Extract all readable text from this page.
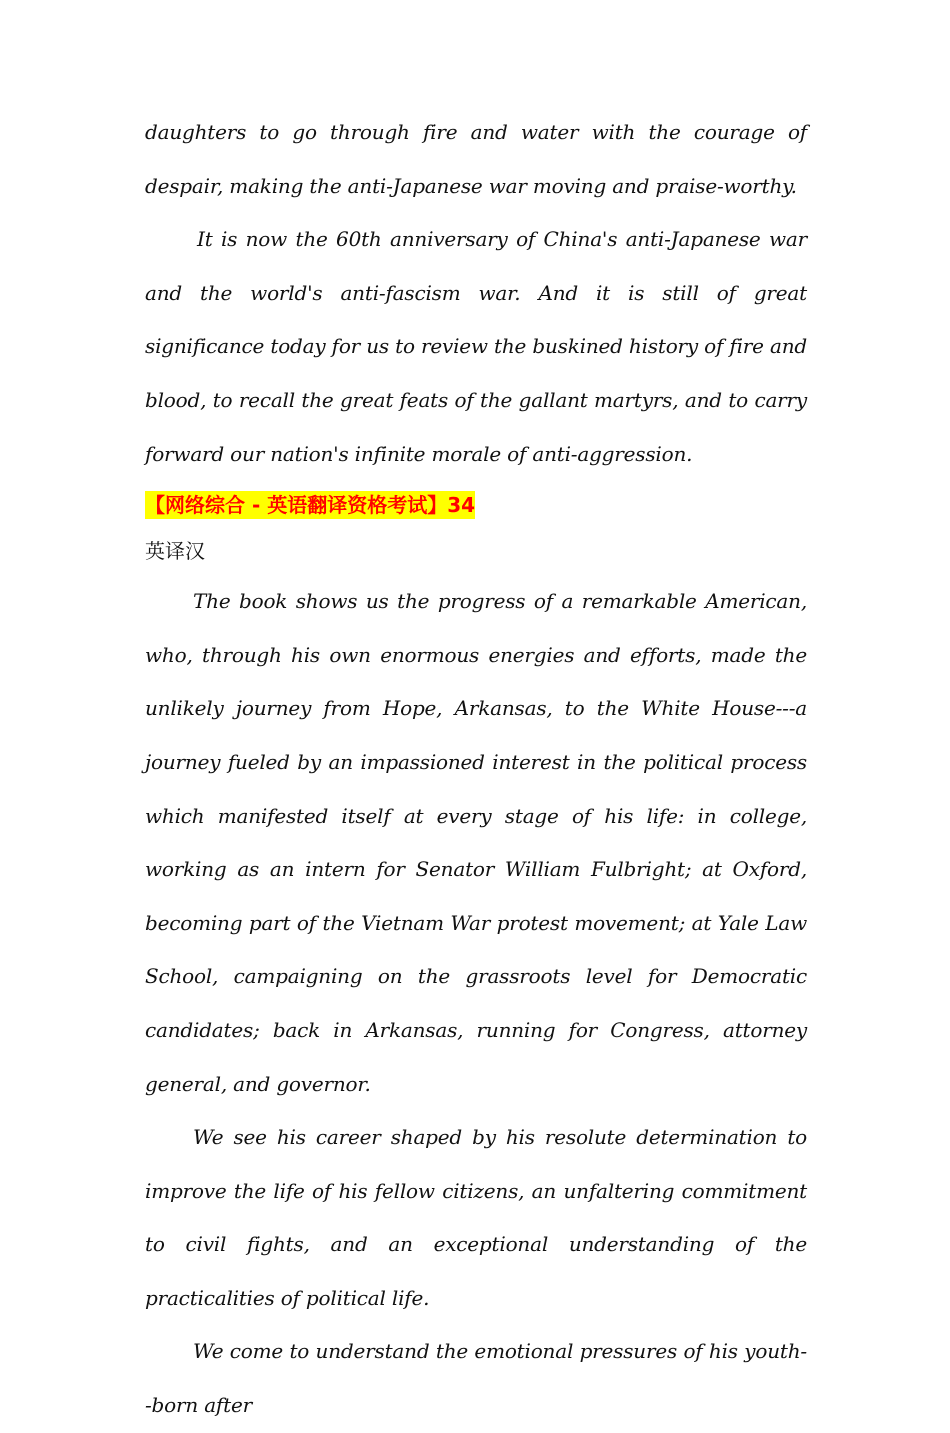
daughters to go through fire and water with the courage of despair, making the anti-Japanese war moving and praise-worthy.

It is now the 60th anniversary of China's anti-Japanese war and the world's anti-fascism war. And it is still of great significance today for us to review the buskined history of fire and blood, to recall the great feats of the gallant martyrs, and to carry forward our nation's infinite morale of anti-aggression.

【网络综合 - 英语翻译资格考试】34
英译汉

The book shows us the progress of a remarkable American, who, through his own enormous energies and efforts, made the unlikely journey from Hope, Arkansas, to the White House---a journey fueled by an impassioned interest in the political process which manifested itself at every stage of his life: in college, working as an intern for Senator William Fulbright; at Oxford, becoming part of the Vietnam War protest movement; at Yale Law School, campaigning on the grassroots level for Democratic candidates; back in Arkansas, running for Congress, attorney general, and governor.

We see his career shaped by his resolute determination to improve the life of his fellow citizens, an unfaltering commitment to civil fights, and an exceptional understanding of the practicalities of political life.

We come to understand the emotional pressures of his youth--born after
